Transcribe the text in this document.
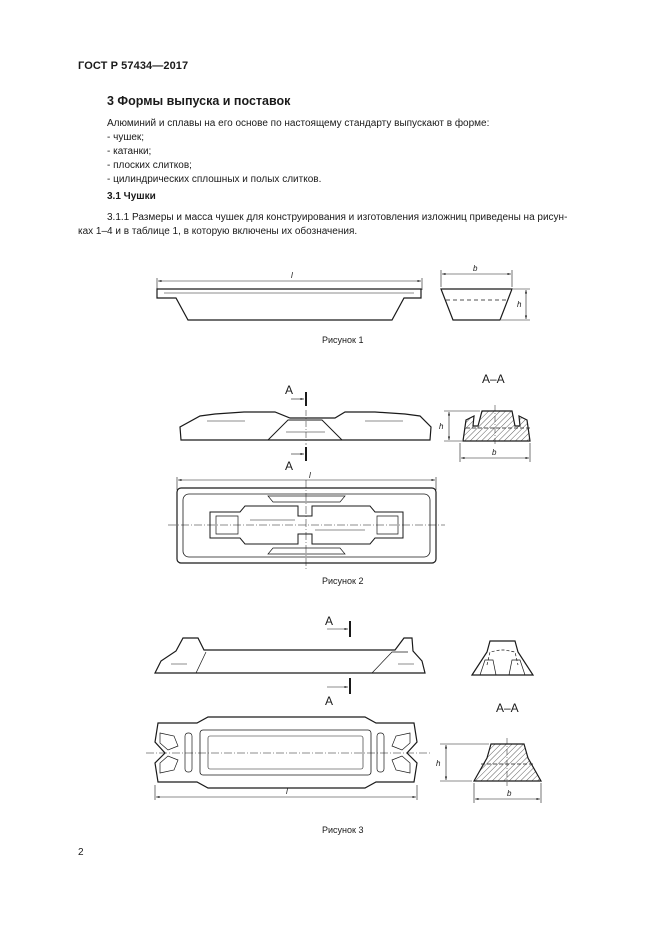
ГОСТ Р 57434—2017
3 Формы выпуска и поставок
Алюминий и сплавы на его основе по настоящему стандарту выпускают в форме:
- чушек;
- катанки;
- плоских слитков;
- цилиндрических сплошных и полых слитков.
3.1 Чушки
3.1.1 Размеры и масса чушек для конструирования и изготовления изложниц приведены на рисун-
ках 1–4 и в таблице 1, в которую включены их обозначения.
l
b
h
Рисунок 1
А
А
А–А
h
b
l
Рисунок 2
А
А
l
А–А
h
b
Рисунок 3
2
